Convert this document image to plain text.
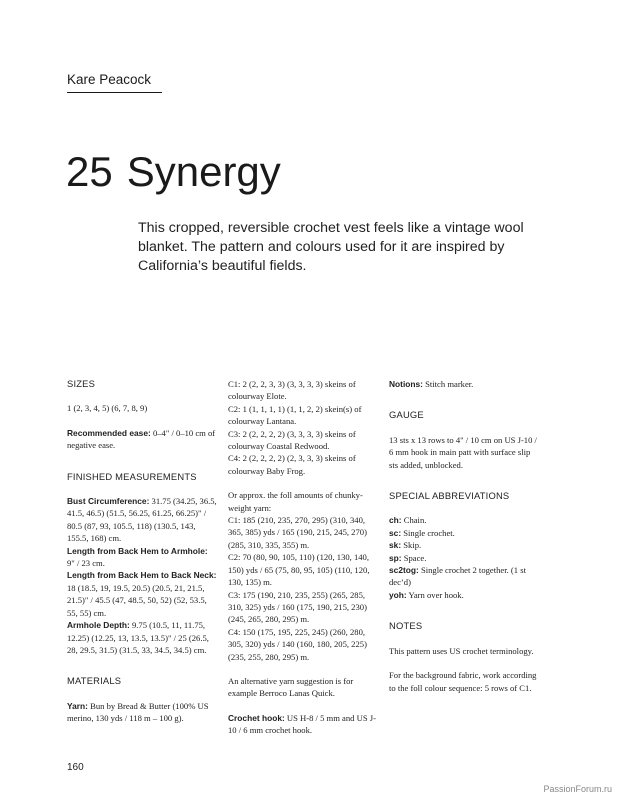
Kare Peacock
25 Synergy
This cropped, reversible crochet vest feels like a vintage wool blanket. The pattern and colours used for it are inspired by California’s beautiful fields.

SIZES

1 (2, 3, 4, 5) (6, 7, 8, 9)

Recommended ease: 0–4" / 0–10 cm of negative ease.

FINISHED MEASUREMENTS

Bust Circumference: 31.75 (34.25, 36.5, 41.5, 46.5) (51.5, 56.25, 61.25, 66.25)" / 80.5 (87, 93, 105.5, 118) (130.5, 143, 155.5, 168) cm.

Length from Back Hem to Armhole: 9" / 23 cm.

Length from Back Hem to Back Neck: 18 (18.5, 19, 19.5, 20.5) (20.5, 21, 21.5, 21.5)" / 45.5 (47, 48.5, 50, 52) (52, 53.5, 55, 55) cm.

Armhole Depth: 9.75 (10.5, 11, 11.75, 12.25) (12.25, 13, 13.5, 13.5)" / 25 (26.5, 28, 29.5, 31.5) (31.5, 33, 34.5, 34.5) cm.

MATERIALS

Yarn: Bun by Bread & Butter (100% US merino, 130 yds / 118 m – 100 g).

C1: 2 (2, 2, 3, 3) (3, 3, 3, 3) skeins of colourway Elote.

C2: 1 (1, 1, 1, 1) (1, 1, 2, 2) skein(s) of colourway Lantana.

C3: 2 (2, 2, 2, 2) (3, 3, 3, 3) skeins of colourway Coastal Redwood.

C4: 2 (2, 2, 2, 2) (2, 3, 3, 3) skeins of colourway Baby Frog.

Or approx. the foll amounts of chunky-weight yarn:

C1: 185 (210, 235, 270, 295) (310, 340, 365, 385) yds / 165 (190, 215, 245, 270) (285, 310, 335, 355) m.

C2: 70 (80, 90, 105, 110) (120, 130, 140, 150) yds / 65 (75, 80, 95, 105) (110, 120, 130, 135) m.

C3: 175 (190, 210, 235, 255) (265, 285, 310, 325) yds / 160 (175, 190, 215, 230) (245, 265, 280, 295) m.

C4: 150 (175, 195, 225, 245) (260, 280, 305, 320) yds / 140 (160, 180, 205, 225) (235, 255, 280, 295) m.

An alternative yarn suggestion is for example Berroco Lanas Quick.

Crochet hook: US H-8 / 5 mm and US J-10 / 6 mm crochet hook.

Notions: Stitch marker.

GAUGE

13 sts x 13 rows to 4" / 10 cm on US J-10 / 6 mm hook in main patt with surface slip sts added, unblocked.

SPECIAL ABBREVIATIONS

ch: Chain.

sc: Single crochet.

sk: Skip.

sp: Space.

sc2tog: Single crochet 2 together. (1 st dec’d)

yoh: Yarn over hook.

NOTES

This pattern uses US crochet terminology.

For the background fabric, work according to the foll colour sequence: 5 rows of C1.

160
PassionForum.ru
